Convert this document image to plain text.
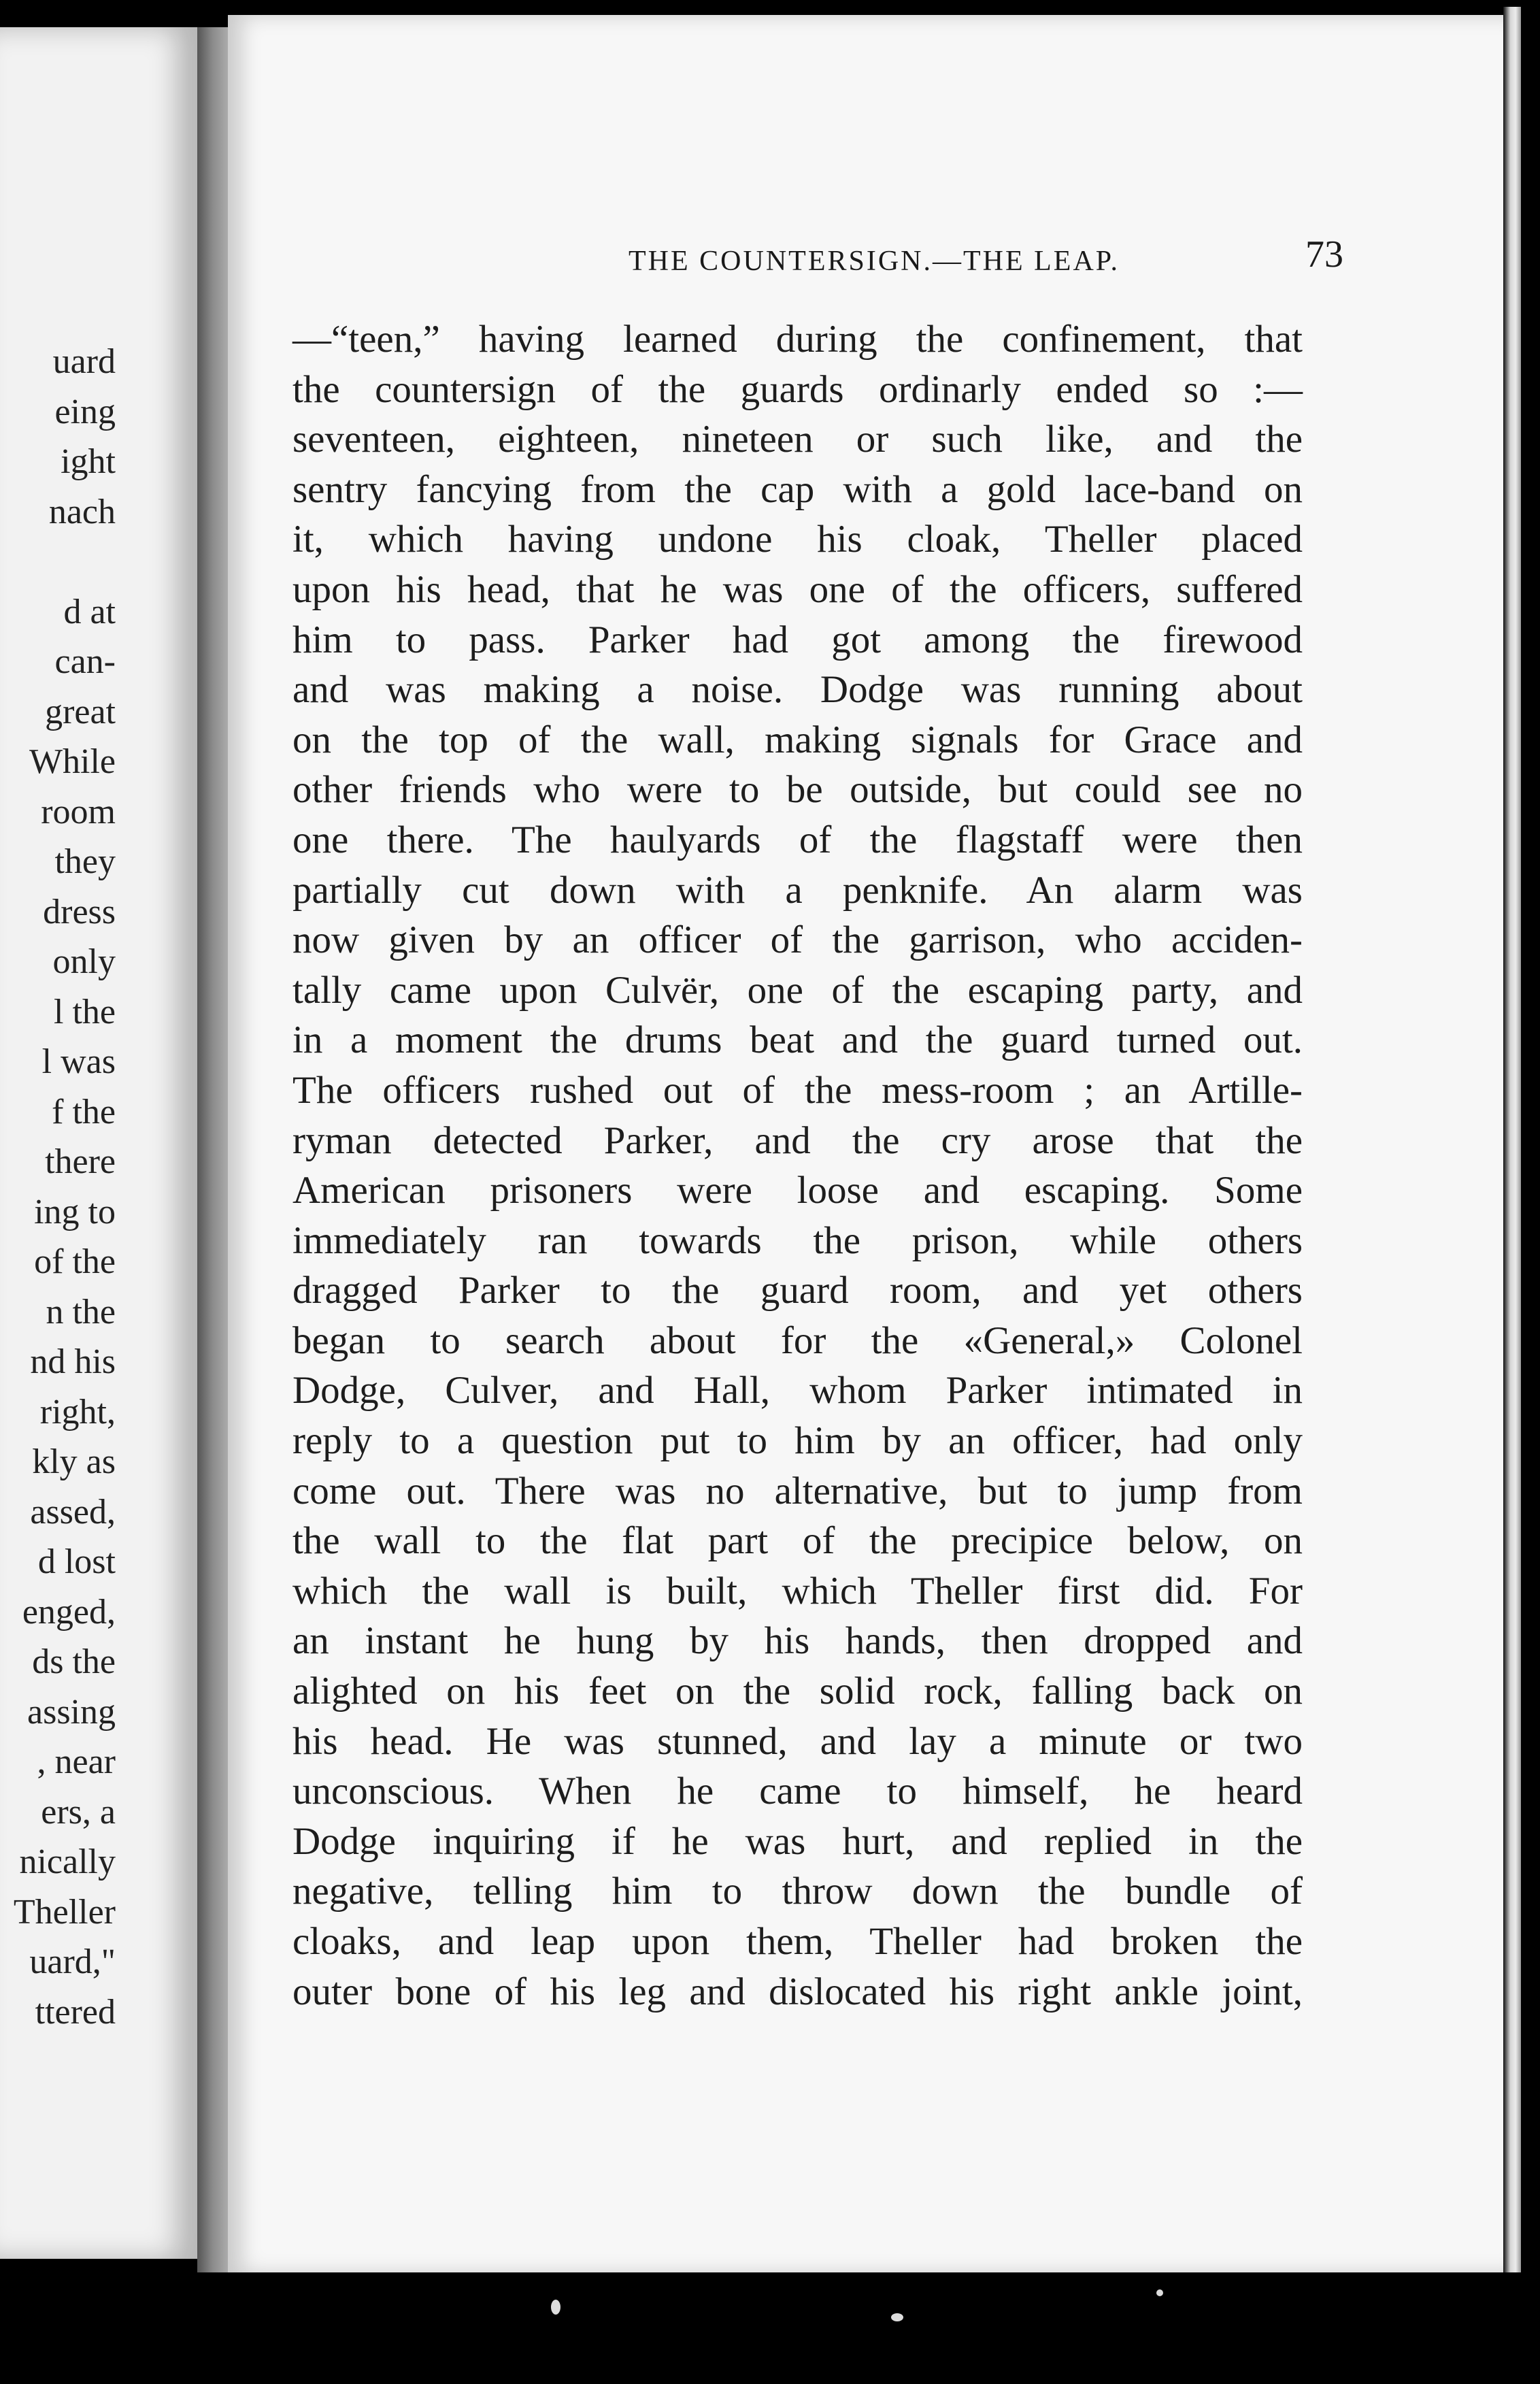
uard
eing
ight
nach
d at
can-
great
While
room
they
dress
only
l the
l was
f the
there
ing to
of the
n the
nd his
right,
kly as
assed,
d lost
enged,
ds the
assing
, near
ers, a
nically
Theller
uard,"
ttered
THE COUNTERSIGN.—THE LEAP.	73
—“teen,” having learned during the confinement, that
the countersign of the guards ordinarly ended so :—
seventeen, eighteen, nineteen or such like, and the
sentry fancying from the cap with a gold lace-band on
it, which having undone his cloak, Theller placed
upon his head, that he was one of the officers, suffered
him to pass. Parker had got among the firewood
and was making a noise. Dodge was running about
on the top of the wall, making signals for Grace and
other friends who were to be outside, but could see no
one there. The haulyards of the flagstaff were then
partially cut down with a penknife. An alarm was
now given by an officer of the garrison, who acciden-
tally came upon Culvër, one of the escaping party, and
in a moment the drums beat and the guard turned out.
The officers rushed out of the mess-room ; an Artille-
ryman detected Parker, and the cry arose that the
American prisoners were loose and escaping. Some
immediately ran towards the prison, while others
dragged Parker to the guard room, and yet others
began to search about for the «General,» Colonel
Dodge, Culver, and Hall, whom Parker intimated in
reply to a question put to him by an officer, had only
come out. There was no alternative, but to jump from
the wall to the flat part of the precipice below, on
which the wall is built, which Theller first did. For
an instant he hung by his hands, then dropped and
alighted on his feet on the solid rock, falling back on
his head. He was stunned, and lay a minute or two
unconscious. When he came to himself, he heard
Dodge inquiring if he was hurt, and replied in the
negative, telling him to throw down the bundle of
cloaks, and leap upon them, Theller had broken the
outer bone of his leg and dislocated his right ankle joint,
